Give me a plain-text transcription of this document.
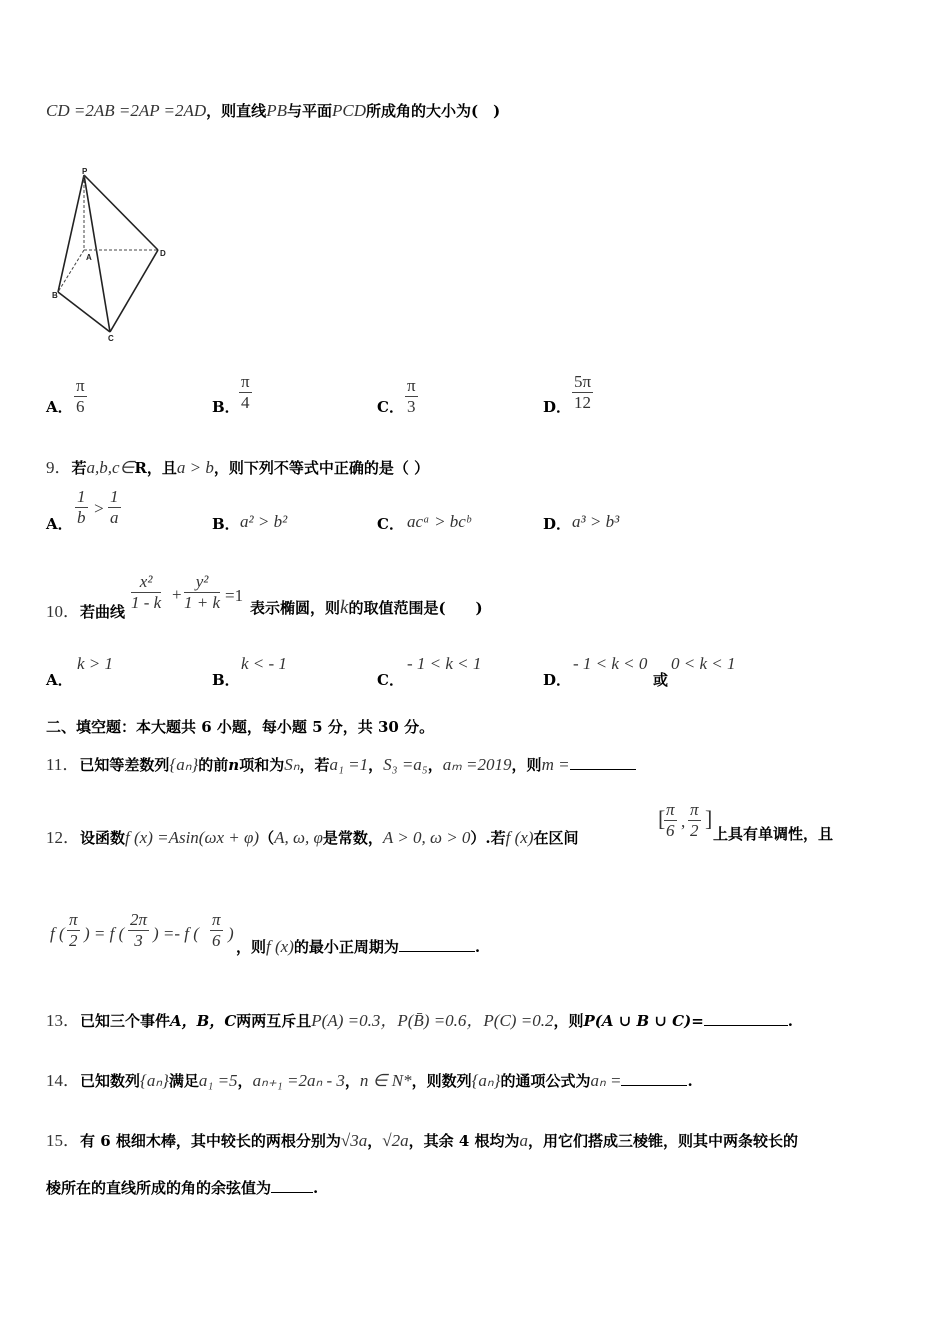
CD =2AB =2AP =2AD，则直线PB与平面PCD所成角的大小为(　)
P
A	D
B
C
A． $\frac{\pi}{6}$	B． $\frac{\pi}{4}$	C． $\frac{\pi}{3}$	D． $\frac{5\pi}{12}$
9．若a,b,c∈R，且a > b，则下列不等式中正确的是（ ）
A． $\frac{1}{b} > \frac{1}{a}$	B． a² > b²	C． acᵃ > bcᵇ	D． a³ > b³
10．若曲线 $\frac{\text{x²}}{1 - k} + \frac{\text{y²}}{1 + k} =1$
表示椭圆，则k的取值范围是(　　)
A．
k > 1
B．
k < - 1
C．
- 1 < k < 1
D．
- 1 < k < 0
或
0 < k < 1
二、填空题：本大题共 6 小题，每小题 5 分，共 30 分。
11．已知等差数列{aₙ}的前n项和为Sₙ，若a₁ =1，S₃ =a₅，aₘ =2019，则m =
12．设函数f (x) =Asin(ωx + φ)（A, ω, φ是常数，A > 0, ω > 0）.若f (x)在区间
[
$\frac{\pi}{6}$ , $\frac{\pi}{2}$ ]
上具有单调性，且
f ( $\frac{\pi}{2}$ ) = f ( $\frac{2\pi}{3}$ ) =- f ( $\frac{\pi}{6}$ )
，则f (x)的最小正周期为	.
13．已知三个事件A，B，C两两互斥且P(A) =0.3，P(B̄) =0.6，P(C) =0.2，则P(A ∪ B ∪ C)=	.
14．已知数列{aₙ}满足a₁ =5，aₙ₊₁ =2aₙ - 3，n ∈ N*，则数列{aₙ}的通项公式为aₙ =	.
15．有 6 根细木棒，其中较长的两根分别为√3a，√2a，其余 4 根均为a，用它们搭成三棱锥，则其中两条较长的
棱所在的直线所成的角的余弦值为	.
